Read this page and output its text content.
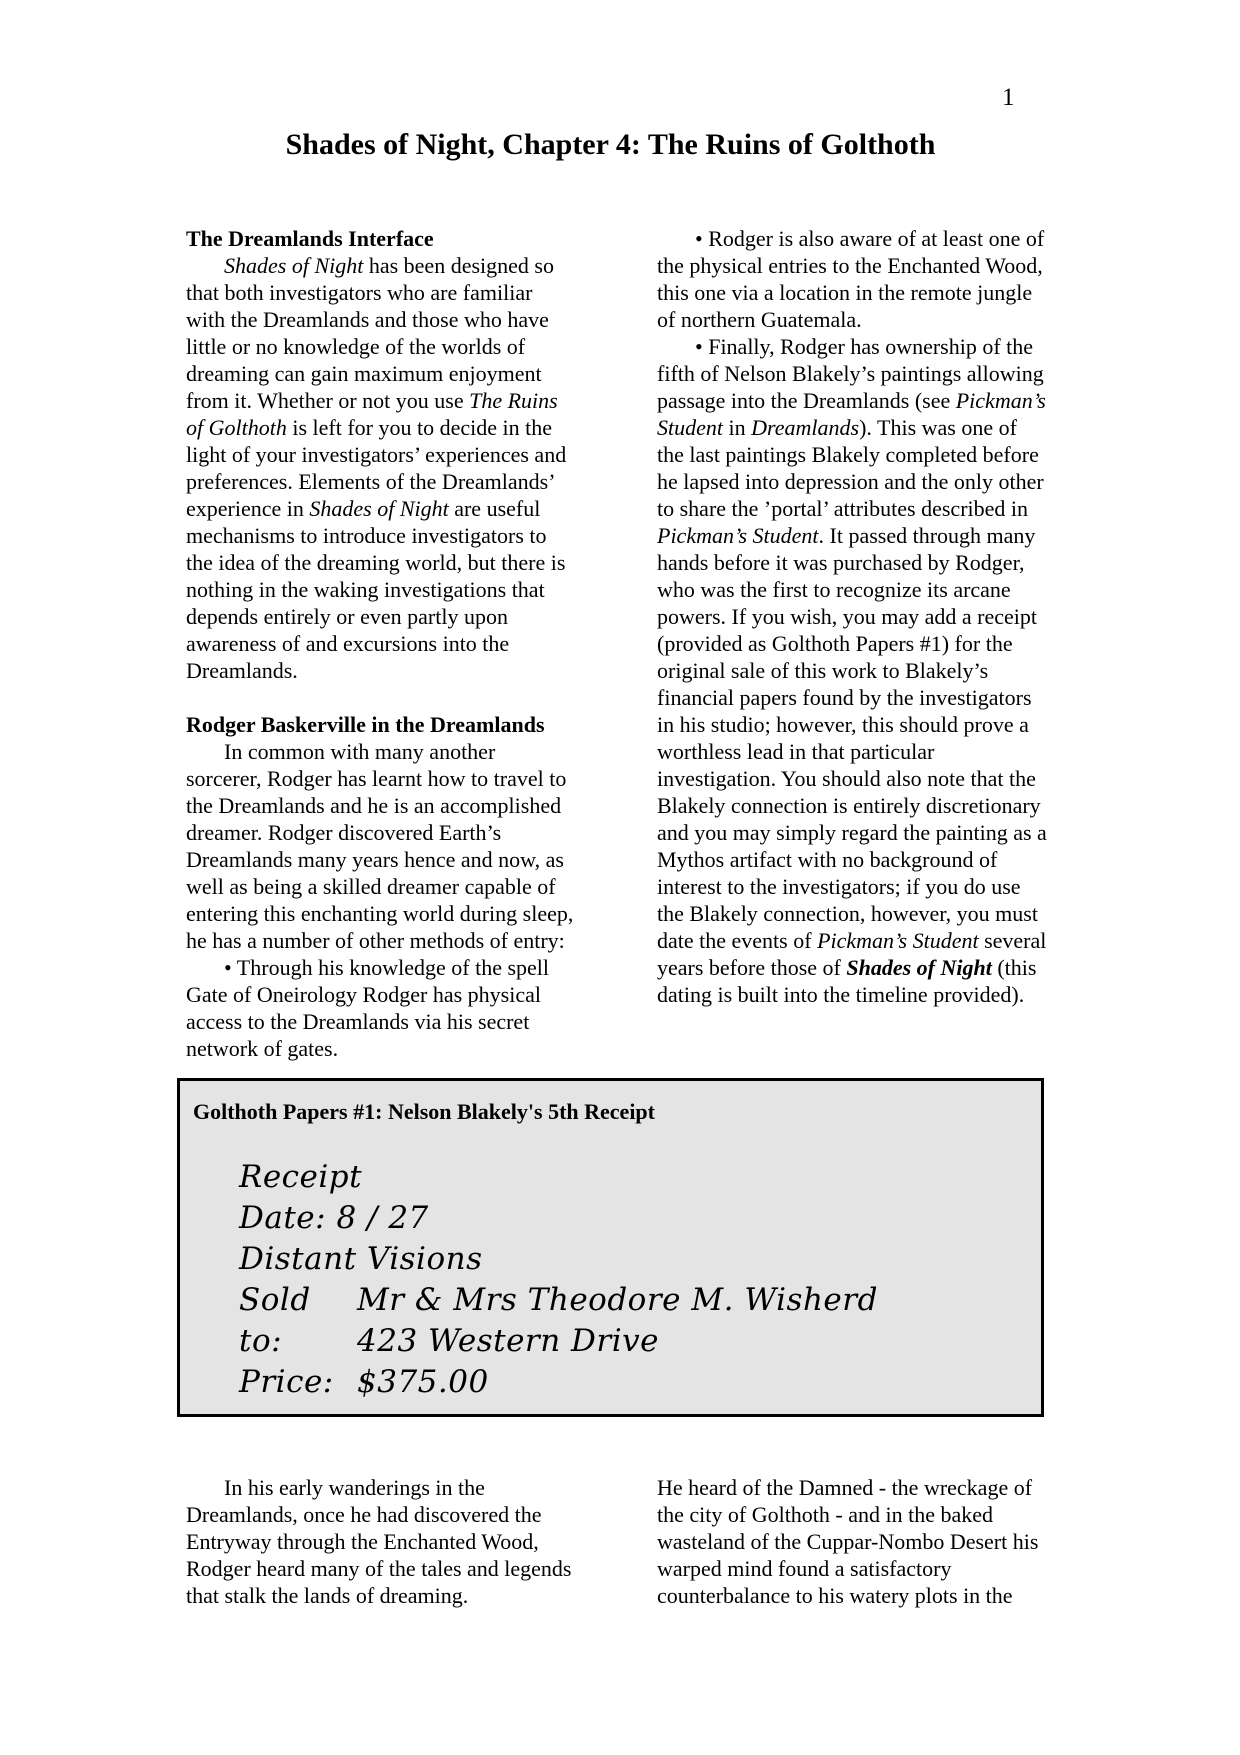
1
Shades of Night, Chapter 4: The Ruins of Golthoth
The Dreamlands Interface

Shades of Night has been designed so that both investigators who are familiar with the Dreamlands and those who have little or no knowledge of the worlds of dreaming can gain maximum enjoyment from it. Whether or not you use The Ruins of Golthoth is left for you to decide in the light of your investigators’ experiences and preferences. Elements of the Dreamlands’ experience in Shades of Night are useful mechanisms to introduce investigators to the idea of the dreaming world, but there is nothing in the waking investigations that depends entirely or even partly upon awareness of and excursions into the Dreamlands.

Rodger Baskerville in the Dreamlands

In common with many another sorcerer, Rodger has learnt how to travel to the Dreamlands and he is an accomplished dreamer. Rodger discovered Earth’s Dreamlands many years hence and now, as well as being a skilled dreamer capable of entering this enchanting world during sleep, he has a number of other methods of entry:

• Through his knowledge of the spell Gate of Oneirology Rodger has physical access to the Dreamlands via his secret network of gates.

• Rodger is also aware of at least one of the physical entries to the Enchanted Wood, this one via a location in the remote jungle of northern Guatemala.

• Finally, Rodger has ownership of the fifth of Nelson Blakely’s paintings allowing passage into the Dreamlands (see Pickman’s Student in Dreamlands). This was one of the last paintings Blakely completed before he lapsed into depression and the only other to share the ’portal’ attributes described in Pickman’s Student. It passed through many hands before it was purchased by Rodger, who was the first to recognize its arcane powers. If you wish, you may add a receipt (provided as Golthoth Papers #1) for the original sale of this work to Blakely’s financial papers found by the investigators in his studio; however, this should prove a worthless lead in that particular investigation. You should also note that the Blakely connection is entirely discretionary and you may simply regard the painting as a Mythos artifact with no background of interest to the investigators; if you do use the Blakely connection, however, you must date the events of Pickman’s Student several years before those of Shades of Night (this dating is built into the timeline provided).

Golthoth Papers #1: Nelson Blakely's 5th Receipt
Receipt
Date: 8 / 27
Distant Visions
Sold to:
Mr & Mrs Theodore M. Wisherd
423 Western Drive
Price: $375.00

In his early wanderings in the Dreamlands, once he had discovered the Entryway through the Enchanted Wood, Rodger heard many of the tales and legends that stalk the lands of dreaming.

He heard of the Damned - the wreckage of the city of Golthoth - and in the baked wasteland of the Cuppar-Nombo Desert his warped mind found a satisfactory counterbalance to his watery plots in the
